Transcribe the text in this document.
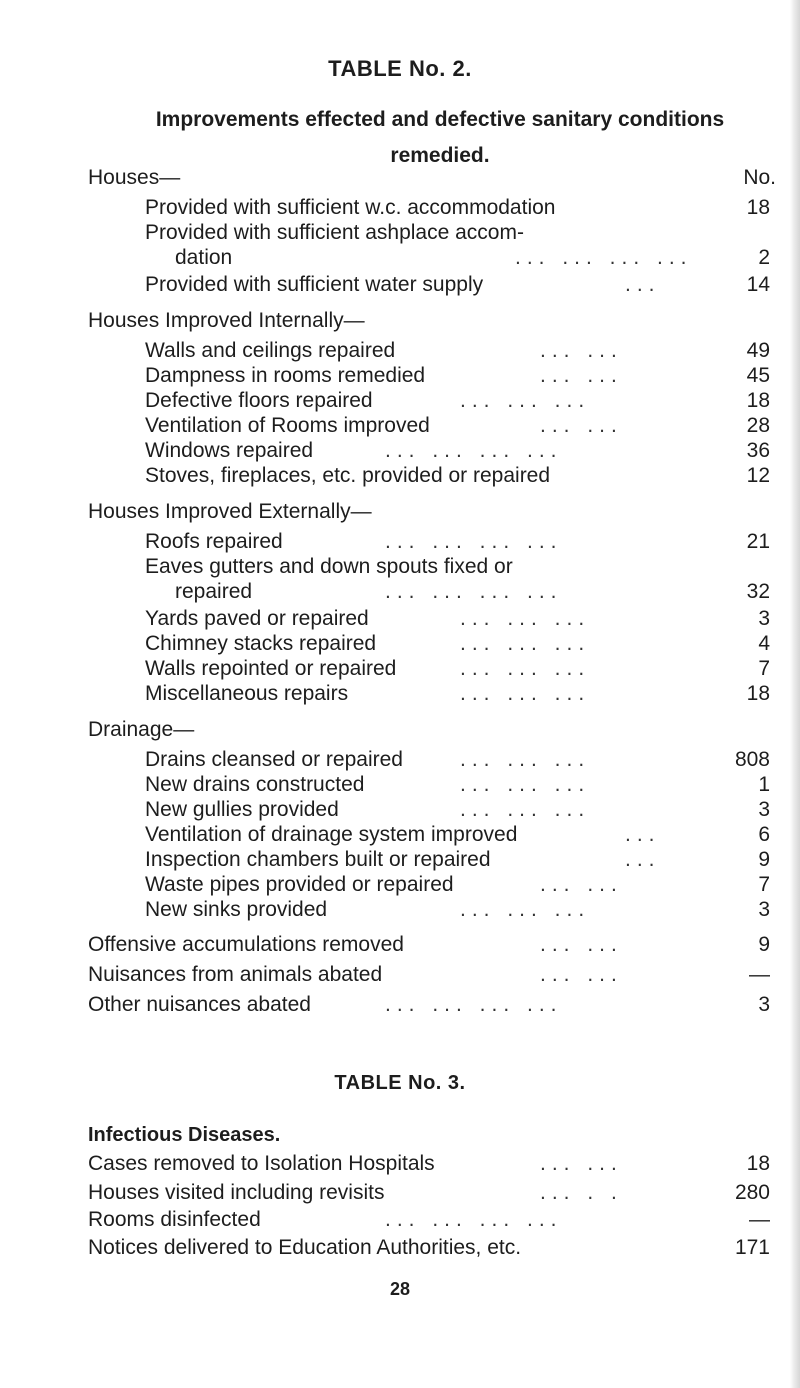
TABLE No. 2.
Improvements effected and defective sanitary conditions remedied.
No.
Houses—
Provided with sufficient w.c. accommodation	18
Provided with sufficient ashplace accom-
dation	... ... ... ...	2
Provided with sufficient water supply	...	14
Houses Improved Internally—
Walls and ceilings repaired	... ...	49
Dampness in rooms remedied	... ...	45
Defective floors repaired	... ... ...	18
Ventilation of Rooms improved	... ...	28
Windows repaired	... ... ... ...	36
Stoves, fireplaces, etc. provided or repaired	12
Houses Improved Externally—
Roofs repaired	... ... ... ...	21
Eaves gutters and down spouts fixed or
repaired	... ... ... ...	32
Yards paved or repaired	... ... ...	3
Chimney stacks repaired	... ... ...	4
Walls repointed or repaired	... ... ...	7
Miscellaneous repairs	... ... ...	18
Drainage—
Drains cleansed or repaired	... ... ...	808
New drains constructed	... ... ...	1
New gullies provided	... ... ...	3
Ventilation of drainage system improved	...	6
Inspection chambers built or repaired	...	9
Waste pipes provided or repaired	... ...	7
New sinks provided	... ... ...	3
Offensive accumulations removed	... ...	9
Nuisances from animals abated	... ...	—
Other nuisances abated	... ... ... ...	3
TABLE No. 3.
Infectious Diseases.
Cases removed to Isolation Hospitals	... ...	18
Houses visited including revisits	... . .	280
Rooms disinfected	... ... ... ...	—
Notices delivered to Education Authorities, etc.	171
28
